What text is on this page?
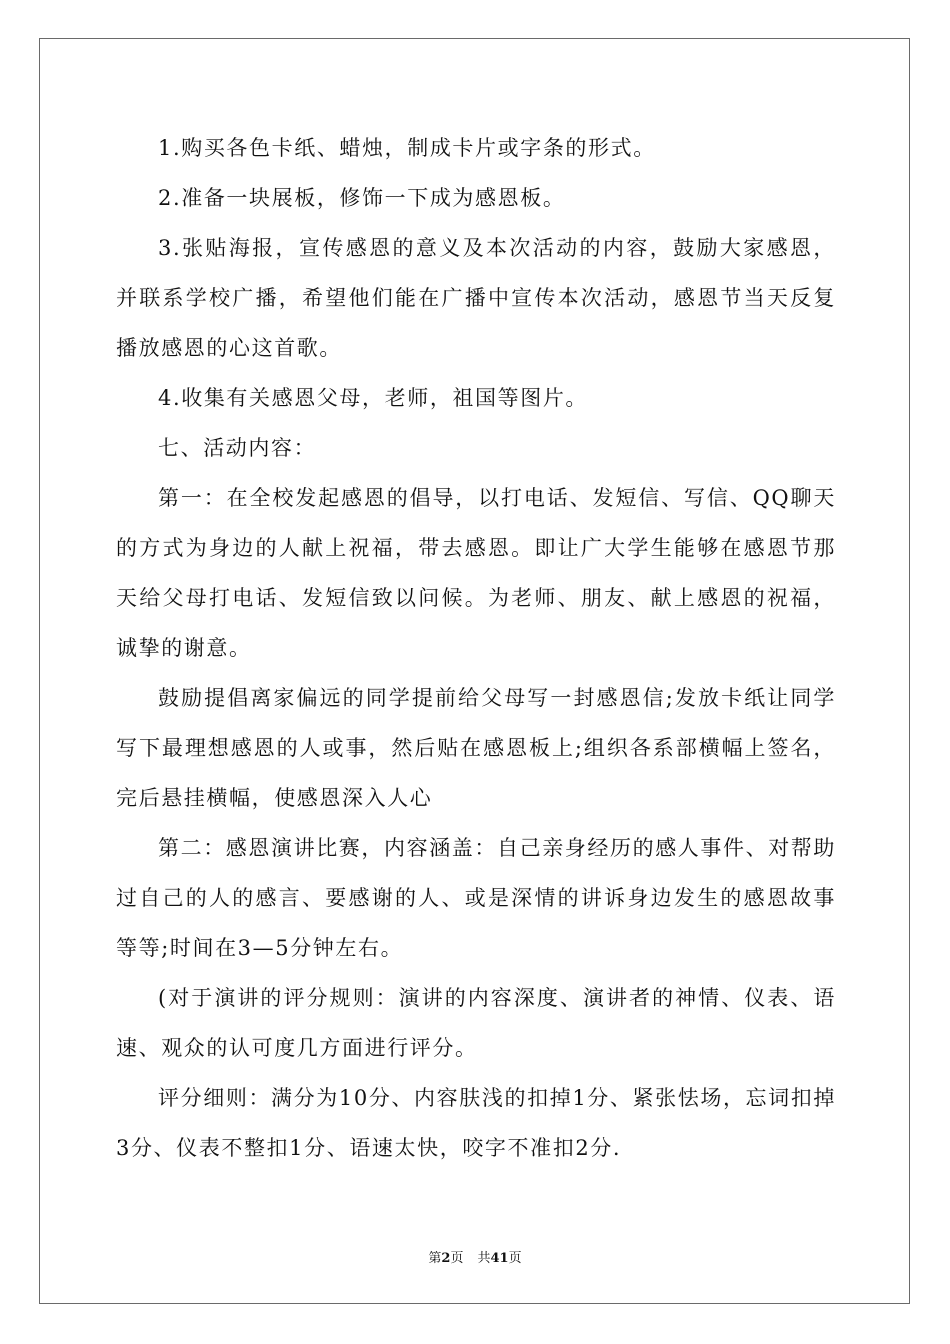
1.购买各色卡纸、蜡烛，制成卡片或字条的形式。

2.准备一块展板，修饰一下成为感恩板。

3.张贴海报，宣传感恩的意义及本次活动的内容，鼓励大家感恩，并联系学校广播，希望他们能在广播中宣传本次活动，感恩节当天反复播放感恩的心这首歌。

4.收集有关感恩父母，老师，祖国等图片。

七、活动内容：

第一：在全校发起感恩的倡导，以打电话、发短信、写信、QQ聊天的方式为身边的人献上祝福，带去感恩。即让广大学生能够在感恩节那天给父母打电话、发短信致以问候。为老师、朋友、献上感恩的祝福，诚挚的谢意。

鼓励提倡离家偏远的同学提前给父母写一封感恩信;发放卡纸让同学写下最理想感恩的人或事，然后贴在感恩板上;组织各系部横幅上签名，完后悬挂横幅，使感恩深入人心

第二：感恩演讲比赛，内容涵盖：自己亲身经历的感人事件、对帮助过自己的人的感言、要感谢的人、或是深情的讲诉身边发生的感恩故事等等;时间在3—5分钟左右。

(对于演讲的评分规则：演讲的内容深度、演讲者的神情、仪表、语速、观众的认可度几方面进行评分。

评分细则：满分为10分、内容肤浅的扣掉1分、紧张怯场，忘词扣掉3分、仪表不整扣1分、语速太快，咬字不准扣2分.

第2页 共41页
